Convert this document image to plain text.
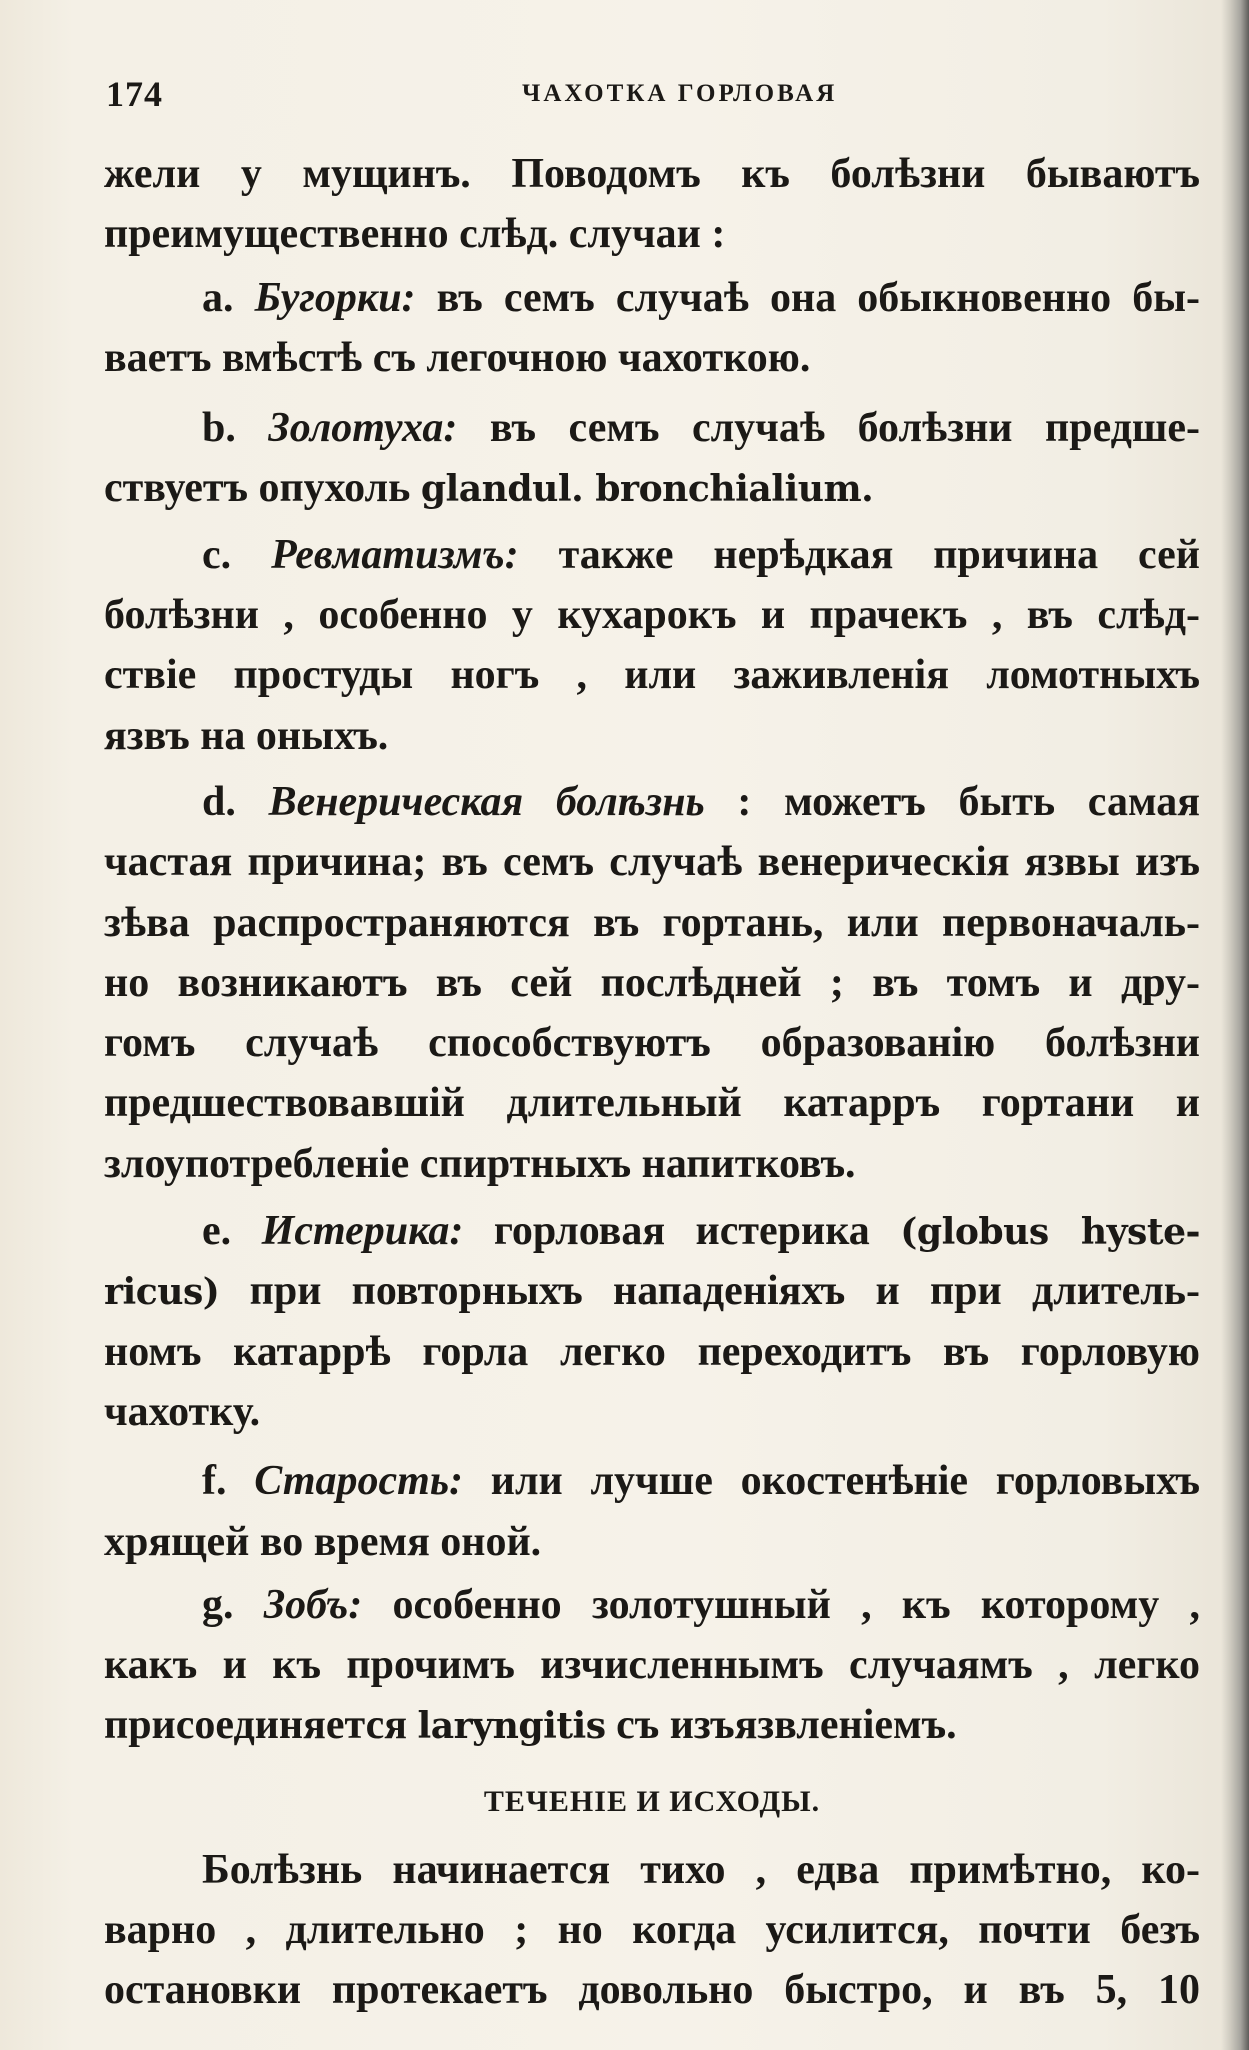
174	ЧАХОТКА ГОРЛОВАЯ
жели у мущинъ. Поводомъ къ болѣзни бываютъ
преимущественно слѣд. случаи :
a. Бугорки: въ семъ случаѣ она обыкновенно бы-
ваетъ вмѣстѣ съ легочною чахоткою.
b. Золотуха: въ семъ случаѣ болѣзни предше-
ствуетъ опухоль glandul. bronchialium.
c. Ревматизмъ: также нерѣдкая причина сей
болѣзни , особенно у кухарокъ и прачекъ , въ слѣд-
ствіе простуды ногъ , или заживленія ломотныхъ
язвъ на оныхъ.
d. Венерическая болѣзнь : можетъ быть самая
частая причина; въ семъ случаѣ венерическія язвы изъ
зѣва распространяются въ гортань, или первоначаль-
но возникаютъ въ сей послѣдней ; въ томъ и дру-
гомъ случаѣ способствуютъ образованію болѣзни
предшествовавшій длительный катарръ гортани и
злоупотребленіе спиртныхъ напитковъ.
e. Истерика: горловая истерика (globus hyste-
ricus) при повторныхъ нападеніяхъ и при длитель-
номъ катаррѣ горла легко переходитъ въ горловую
чахотку.
f. Старость: или лучше окостенѣніе горловыхъ
хрящей во время оной.
g. Зобъ: особенно золотушный , къ которому ,
какъ и къ прочимъ изчисленнымъ случаямъ , легко
присоединяется laryngitis съ изъязвленіемъ.
ТЕЧЕНІЕ И ИСХОДЫ.
Болѣзнь начинается тихо , едва примѣтно, ко-
варно , длительно ; но когда усилится, почти безъ
остановки протекаетъ довольно быстро, и въ 5, 10
